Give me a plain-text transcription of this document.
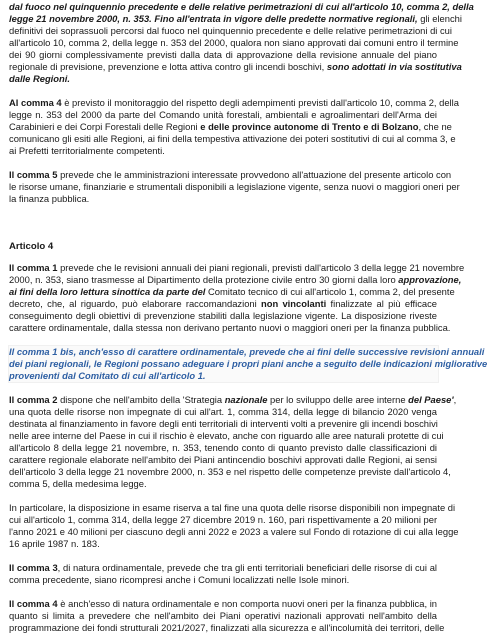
dal fuoco nel quinquennio precedente e delle relative perimetrazioni di cui all'articolo 10, comma 2, della
legge 21 novembre 2000, n. 353. Fino all'entrata in vigore delle predette normative regionali, gli elenchi
definitivi dei soprassuoli percorsi dal fuoco nel quinquennio precedente e delle relative perimetrazioni di cui
all'articolo 10, comma 2, della legge n. 353 del 2000, qualora non siano approvati dai comuni entro il termine
dei 90 giorni complessivamente previsti dalla data di approvazione della revisione annuale del piano
regionale di previsione, prevenzione e lotta attiva contro gli incendi boschivi, sono adottati in via sostitutiva
dalle Regioni.
Al comma 4 è previsto il monitoraggio del rispetto degli adempimenti previsti dall'articolo 10, comma 2, della
legge n. 353 del 2000 da parte del Comando unità forestali, ambientali e agroalimentari dell'Arma dei
Carabinieri e dei Corpi Forestali delle Regioni e delle province autonome di Trento e di Bolzano, che ne
comunicano gli esiti alle Regioni, ai fini della tempestiva attivazione dei poteri sostitutivi di cui al comma 3, e
ai Prefetti territorialmente competenti.
Il comma 5 prevede che le amministrazioni interessate provvedono all'attuazione del presente articolo con
le risorse umane, finanziarie e strumentali disponibili a legislazione vigente, senza nuovi o maggiori oneri per
la finanza pubblica.
Articolo 4
Il comma 1 prevede che le revisioni annuali dei piani regionali, previsti dall'articolo 3 della legge 21 novembre
2000, n. 353, siano trasmesse al Dipartimento della protezione civile entro 30 giorni dalla loro approvazione,
ai fini della loro lettura sinottica da parte del Comitato tecnico di cui all'articolo 1, comma 2, del presente
decreto, che, al riguardo, può elaborare raccomandazioni non vincolanti finalizzate al più efficace
conseguimento degli obiettivi di prevenzione stabiliti dalla legislazione vigente. La disposizione riveste
carattere ordinamentale, dalla stessa non derivano pertanto nuovi o maggiori oneri per la finanza pubblica.
Il comma 1 bis, anch'esso di carattere ordinamentale, prevede che ai fini delle successive revisioni annuali
dei piani regionali, le Regioni possano adeguare i propri piani anche a seguito delle indicazioni migliorative
provenienti dal Comitato di cui all'articolo 1.
Il comma 2 dispone che nell'ambito della 'Strategia nazionale per lo sviluppo delle aree interne del Paese',
una quota delle risorse non impegnate di cui all'art. 1, comma 314, della legge di bilancio 2020 venga
destinata al finanziamento in favore degli enti territoriali di interventi volti a prevenire gli incendi boschivi
nelle aree interne del Paese in cui il rischio è elevato, anche con riguardo alle aree naturali protette di cui
all'articolo 8 della legge 21 novembre, n. 353, tenendo conto di quanto previsto dalle classificazioni di
carattere regionale elaborate nell'ambito dei Piani antincendio boschivi approvati dalle Regioni, ai sensi
dell'articolo 3 della legge 21 novembre 2000, n. 353 e nel rispetto delle competenze previste dall'articolo 4,
comma 5, della medesima legge.
In particolare, la disposizione in esame riserva a tal fine una quota delle risorse disponibili non impegnate di
cui all'articolo 1, comma 314, della legge 27 dicembre 2019 n. 160, pari rispettivamente a 20 milioni per
l'anno 2021 e 40 milioni per ciascuno degli anni 2022 e 2023 a valere sul Fondo di rotazione di cui alla legge
16 aprile 1987 n. 183.
Il comma 3, di natura ordinamentale, prevede che tra gli enti territoriali beneficiari delle risorse di cui al
comma precedente, siano ricompresi anche i Comuni localizzati nelle Isole minori.
Il comma 4 è anch'esso di natura ordinamentale e non comporta nuovi oneri per la finanza pubblica, in
quanto si limita a prevedere che nell'ambito dei Piani operativi nazionali approvati nell'ambito della
programmazione dei fondi strutturali 2021/2027, finalizzati alla sicurezza e all'incolumità dei territori, delle
